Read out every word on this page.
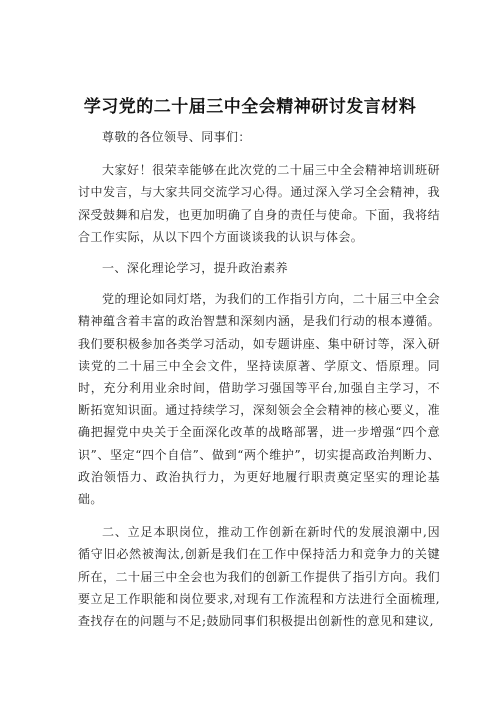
学习党的二十届三中全会精神研讨发言材料

尊敬的各位领导、同事们：

大家好！很荣幸能够在此次党的二十届三中全会精神培训班研讨中发言，与大家共同交流学习心得。通过深入学习全会精神，我深受鼓舞和启发，也更加明确了自身的责任与使命。下面，我将结合工作实际，从以下四个方面谈谈我的认识与体会。

一、深化理论学习，提升政治素养

党的理论如同灯塔，为我们的工作指引方向，二十届三中全会精神蕴含着丰富的政治智慧和深刻内涵，是我们行动的根本遵循。我们要积极参加各类学习活动，如专题讲座、集中研讨等，深入研读党的二十届三中全会文件，坚持读原著、学原文、悟原理。同时，充分利用业余时间，借助学习强国等平台,加强自主学习，不断拓宽知识面。通过持续学习，深刻领会全会精神的核心要义，准确把握党中央关于全面深化改革的战略部署，进一步增强“四个意识”、坚定“四个自信”、做到“两个维护”，切实提高政治判断力、政治领悟力、政治执行力，为更好地履行职责奠定坚实的理论基础。

二、立足本职岗位，推动工作创新在新时代的发展浪潮中,因循守旧必然被淘汰,创新是我们在工作中保持活力和竞争力的关键所在，二十届三中全会也为我们的创新工作提供了指引方向。我们要立足工作职能和岗位要求,对现有工作流程和方法进行全面梳理,查找存在的问题与不足;鼓励同事们积极提出创新性的意见和建议,
